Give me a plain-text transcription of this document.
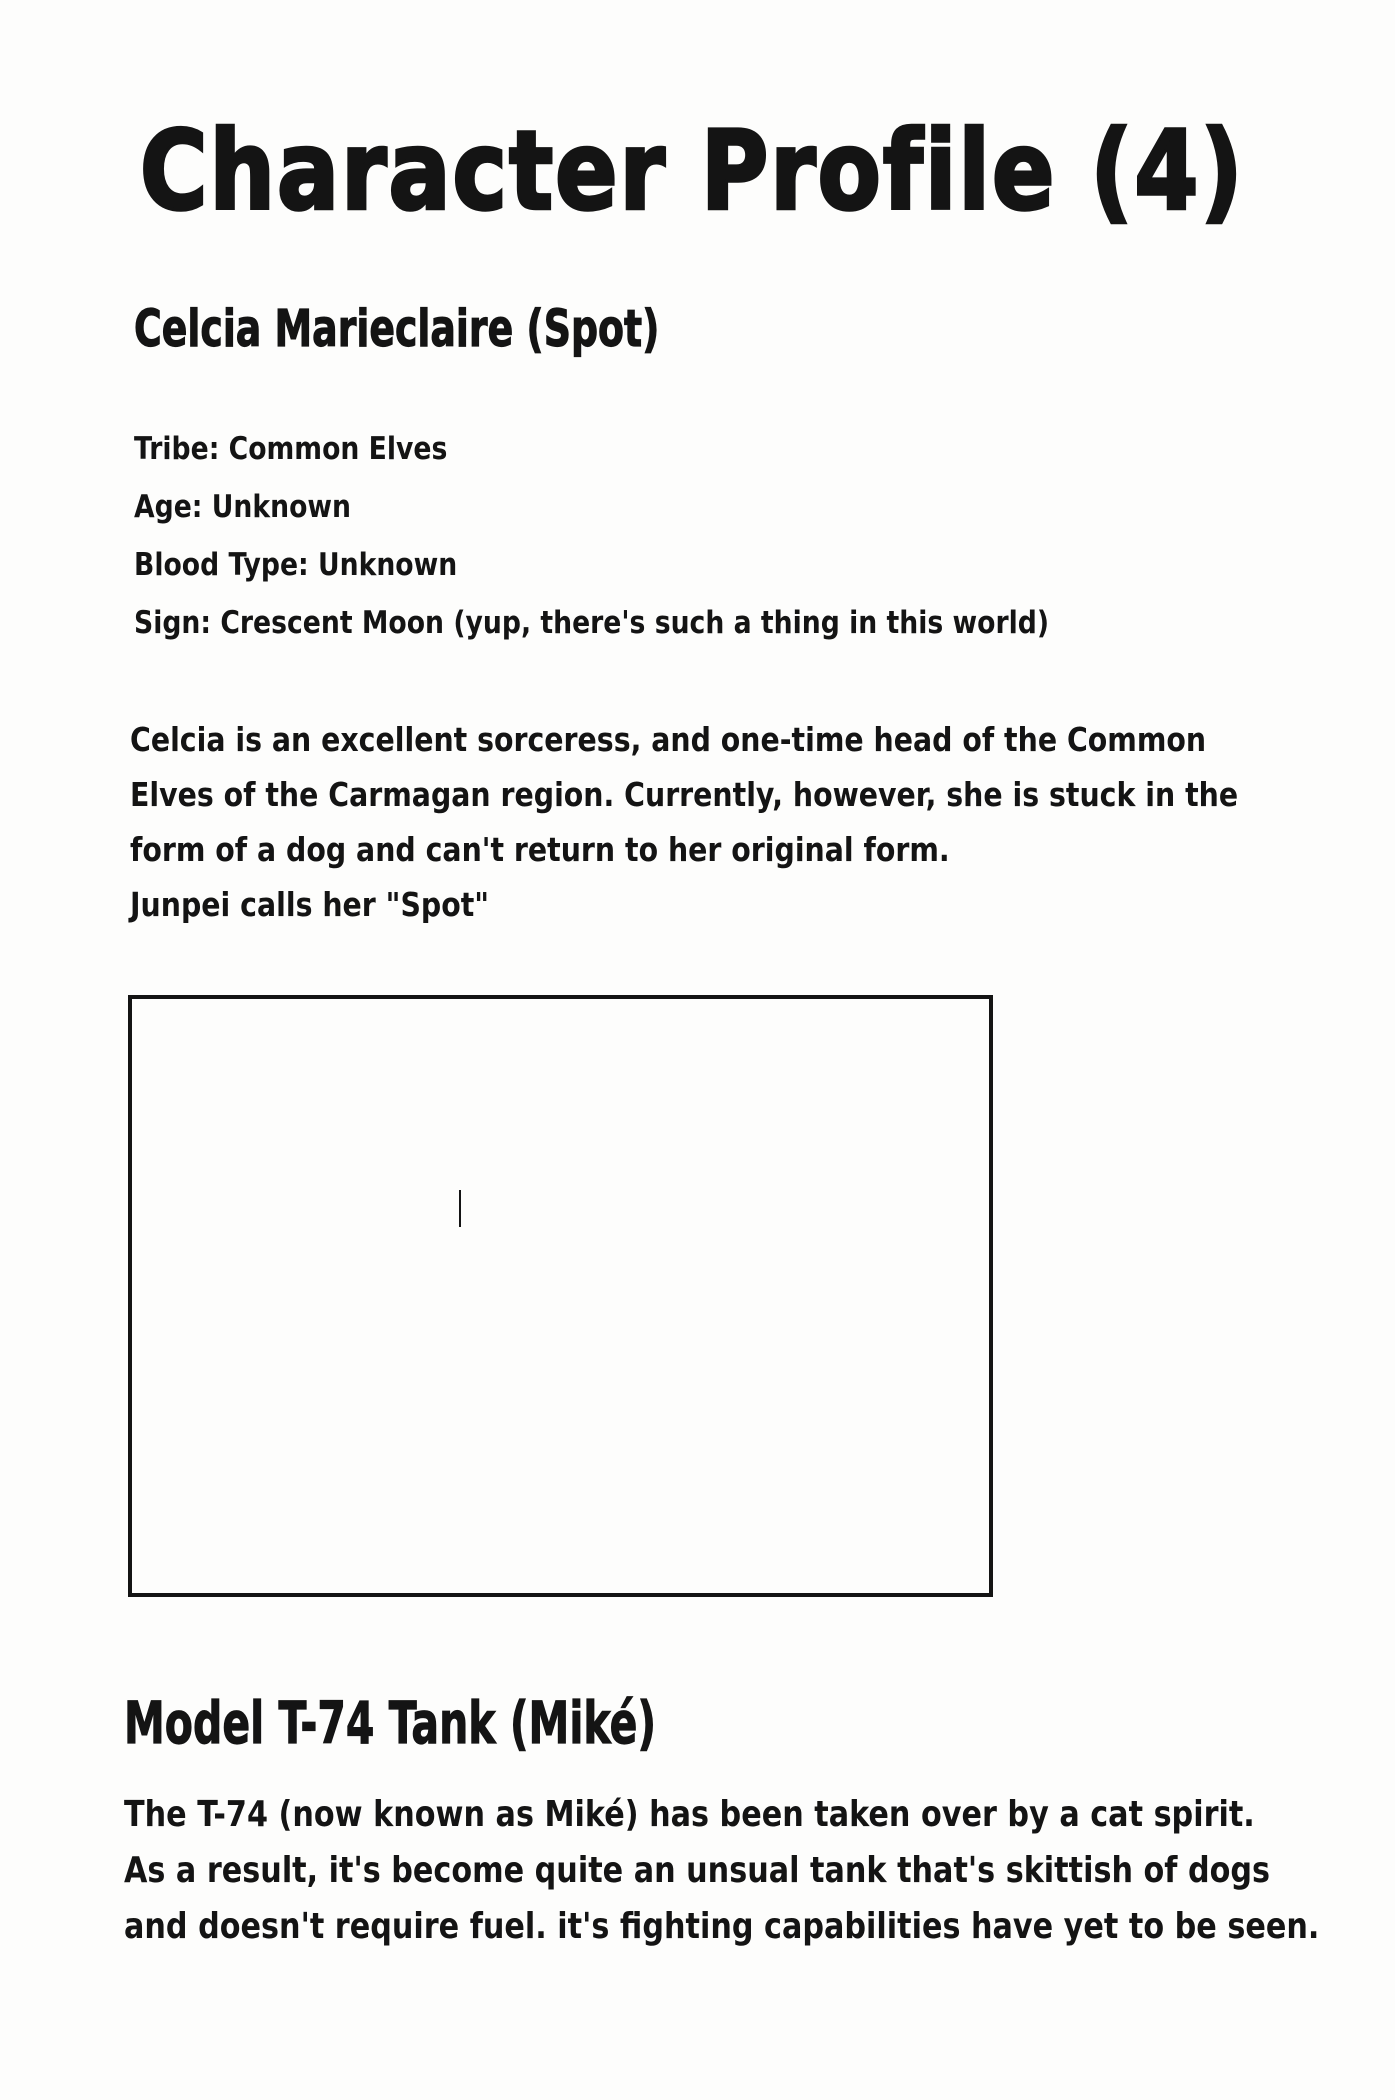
Character Profile (4)
Celcia Marieclaire (Spot)
Tribe: Common Elves
Age: Unknown
Blood Type: Unknown
Sign: Crescent Moon (yup, there's such a thing in this world)

Celcia is an excellent sorceress, and one-time head of the Common
Elves of the Carmagan region. Currently, however, she is stuck in the
form of a dog and can't return to her original form.
Junpei calls her "Spot"

Model T-74 Tank (Miké)

The T-74 (now known as Miké) has been taken over by a cat spirit.
As a result, it's become quite an unsual tank that's skittish of dogs
and doesn't require fuel. it's fighting capabilities have yet to be seen.
